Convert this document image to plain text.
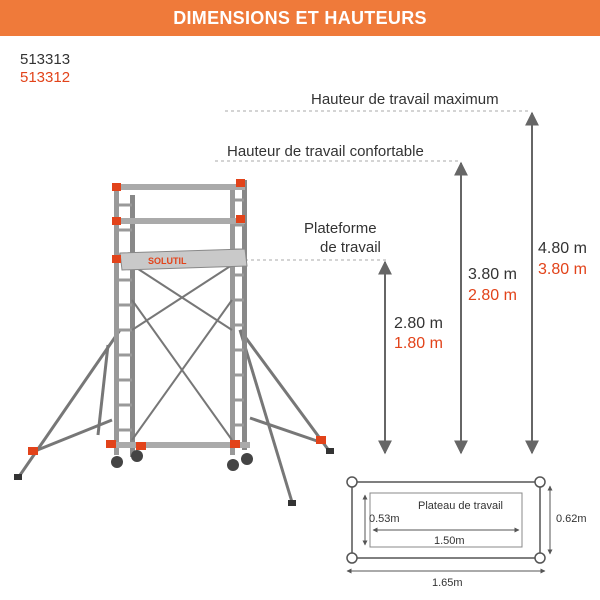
DIMENSIONS ET HAUTEURS
513313
513312
SOLUTIL
Hauteur de travail maximum
Hauteur de travail confortable
Plateforme
de travail	4.80 m
3.80 m
3.80 m
2.80 m
2.80 m
1.80 m
Plateau de travail
0.53m
1.50m
0.62m
1.65m
